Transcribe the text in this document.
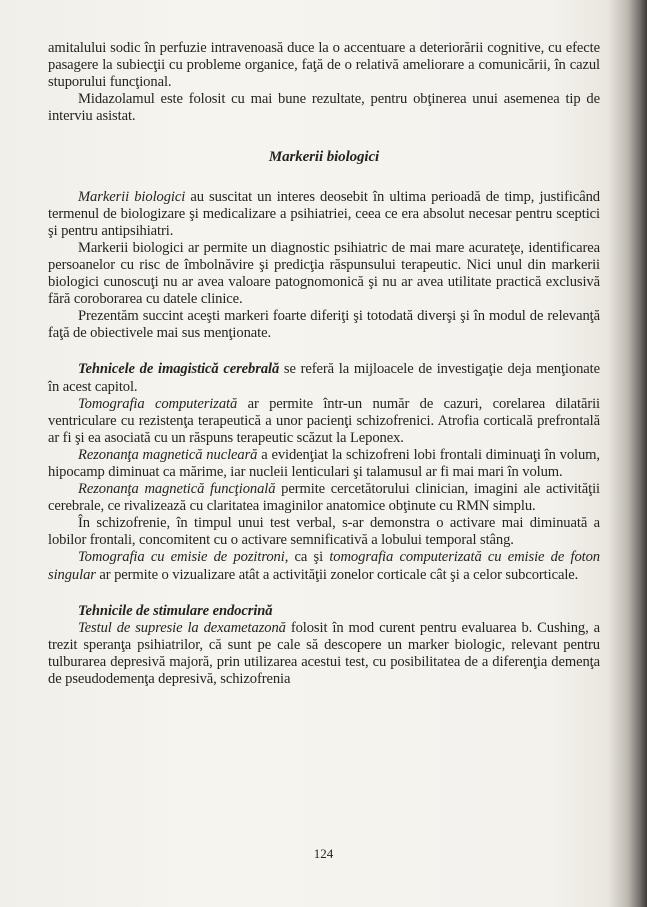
amitalului sodic în perfuzie intravenoasă duce la o accentuare a deteriorării cognitive, cu efecte pasagere la subiecţii cu probleme organice, faţă de o relativă ameliorare a comunicării, în cazul stuporului funcţional.

Midazolamul este folosit cu mai bune rezultate, pentru obţinerea unui asemenea tip de interviu asistat.

Markerii biologici

Markerii biologici au suscitat un interes deosebit în ultima perioadă de timp, justificând termenul de biologizare şi medicalizare a psihiatriei, ceea ce era absolut necesar pentru sceptici şi pentru antipsihiatri.

Markerii biologici ar permite un diagnostic psihiatric de mai mare acurateţe, identificarea persoanelor cu risc de îmbolnăvire şi predicţia răspunsului terapeutic. Nici unul din markerii biologici cunoscuţi nu ar avea valoare patognomonică şi nu ar avea utilitate practică exclusivă fără coroborarea cu datele clinice.

Prezentăm succint aceşti markeri foarte diferiţi şi totodată diverşi şi în modul de relevanţă faţă de obiectivele mai sus menţionate.

Tehnicele de imagistică cerebrală se referă la mijloacele de investigaţie deja menţionate în acest capitol.

Tomografia computerizată ar permite într-un număr de cazuri, corelarea dilatării ventriculare cu rezistenţa terapeutică a unor pacienţi schizofrenici. Atrofia corticală prefrontală ar fi şi ea asociată cu un răspuns terapeutic scăzut la Leponex.

Rezonanţa magnetică nucleară a evidenţiat la schizofreni lobi frontali diminuaţi în volum, hipocamp diminuat ca mărime, iar nucleii lenticulari şi talamusul ar fi mai mari în volum.

Rezonanţa magnetică funcţională permite cercetătorului clinician, imagini ale activităţii cerebrale, ce rivalizează cu claritatea imaginilor anatomice obţinute cu RMN simplu.

În schizofrenie, în timpul unui test verbal, s-ar demonstra o activare mai diminuată a lobilor frontali, concomitent cu o activare semnificativă a lobului temporal stâng.

Tomografia cu emisie de pozitroni, ca şi tomografia computerizată cu emisie de foton singular ar permite o vizualizare atât a activităţii zonelor corticale cât şi a celor subcorticale.

Tehnicile de stimulare endocrină

Testul de supresie la dexametazonă folosit în mod curent pentru evaluarea b. Cushing, a trezit speranţa psihiatrilor, că sunt pe cale să descopere un marker biologic, relevant pentru tulburarea depresivă majoră, prin utilizarea acestui test, cu posibilitatea de a diferenţia demenţa de pseudodemenţa depresivă, schizofrenia

124
